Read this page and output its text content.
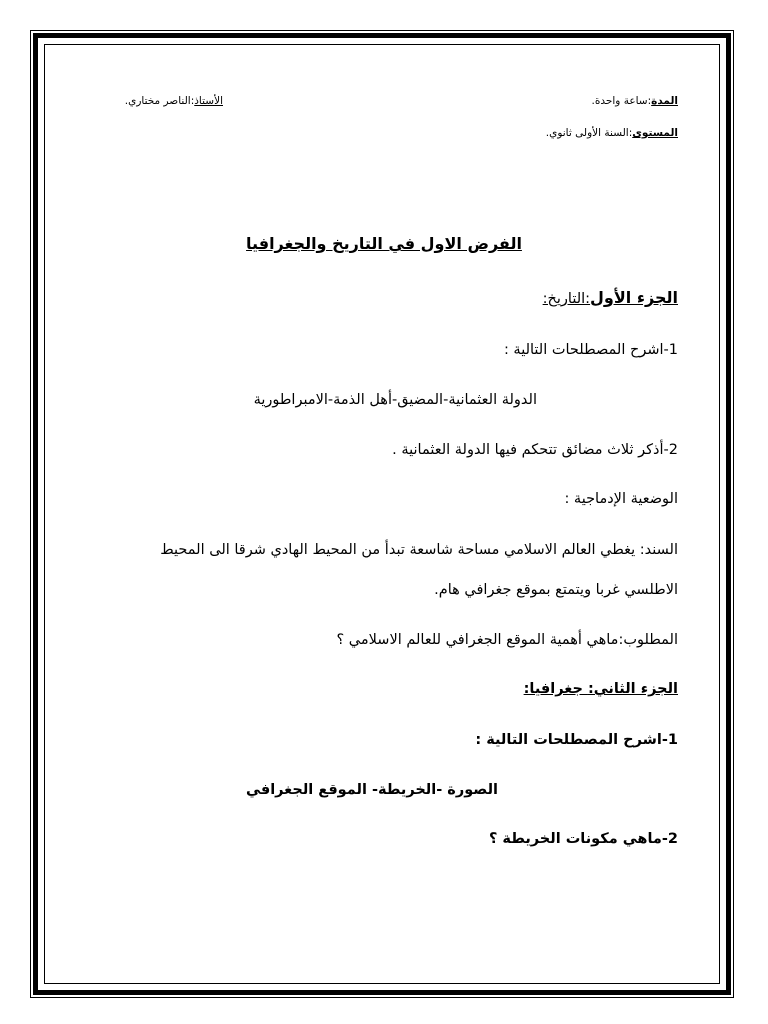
المدة:ساعة واحدة.
الأستاذ:الناصر مختاري.
المستوى:السنة الأولى ثانوي.
الفرض الاول في التاريخ والجغرافيا
الجزء الأول:التاريخ:
1-اشرح المصطلحات التالية :
الدولة العثمانية-المضيق-أهل الذمة-الامبراطورية
2-أذكر ثلاث مضائق تتحكم فيها الدولة العثمانية .
الوضعية الإدماجية :
السند: يغطي العالم الاسلامي مساحة شاسعة تبدأ من المحيط الهادي شرقا الى المحيط
الاطلسي غربا ويتمتع بموقع جغرافي هام.
المطلوب:ماهي أهمية الموقع الجغرافي للعالم الاسلامي ؟
الجزء الثاني: جغرافيا:
1-اشرح المصطلحات التالية :
الصورة -الخريطة- الموقع الجغرافي
2-ماهي مكونات الخريطة ؟
